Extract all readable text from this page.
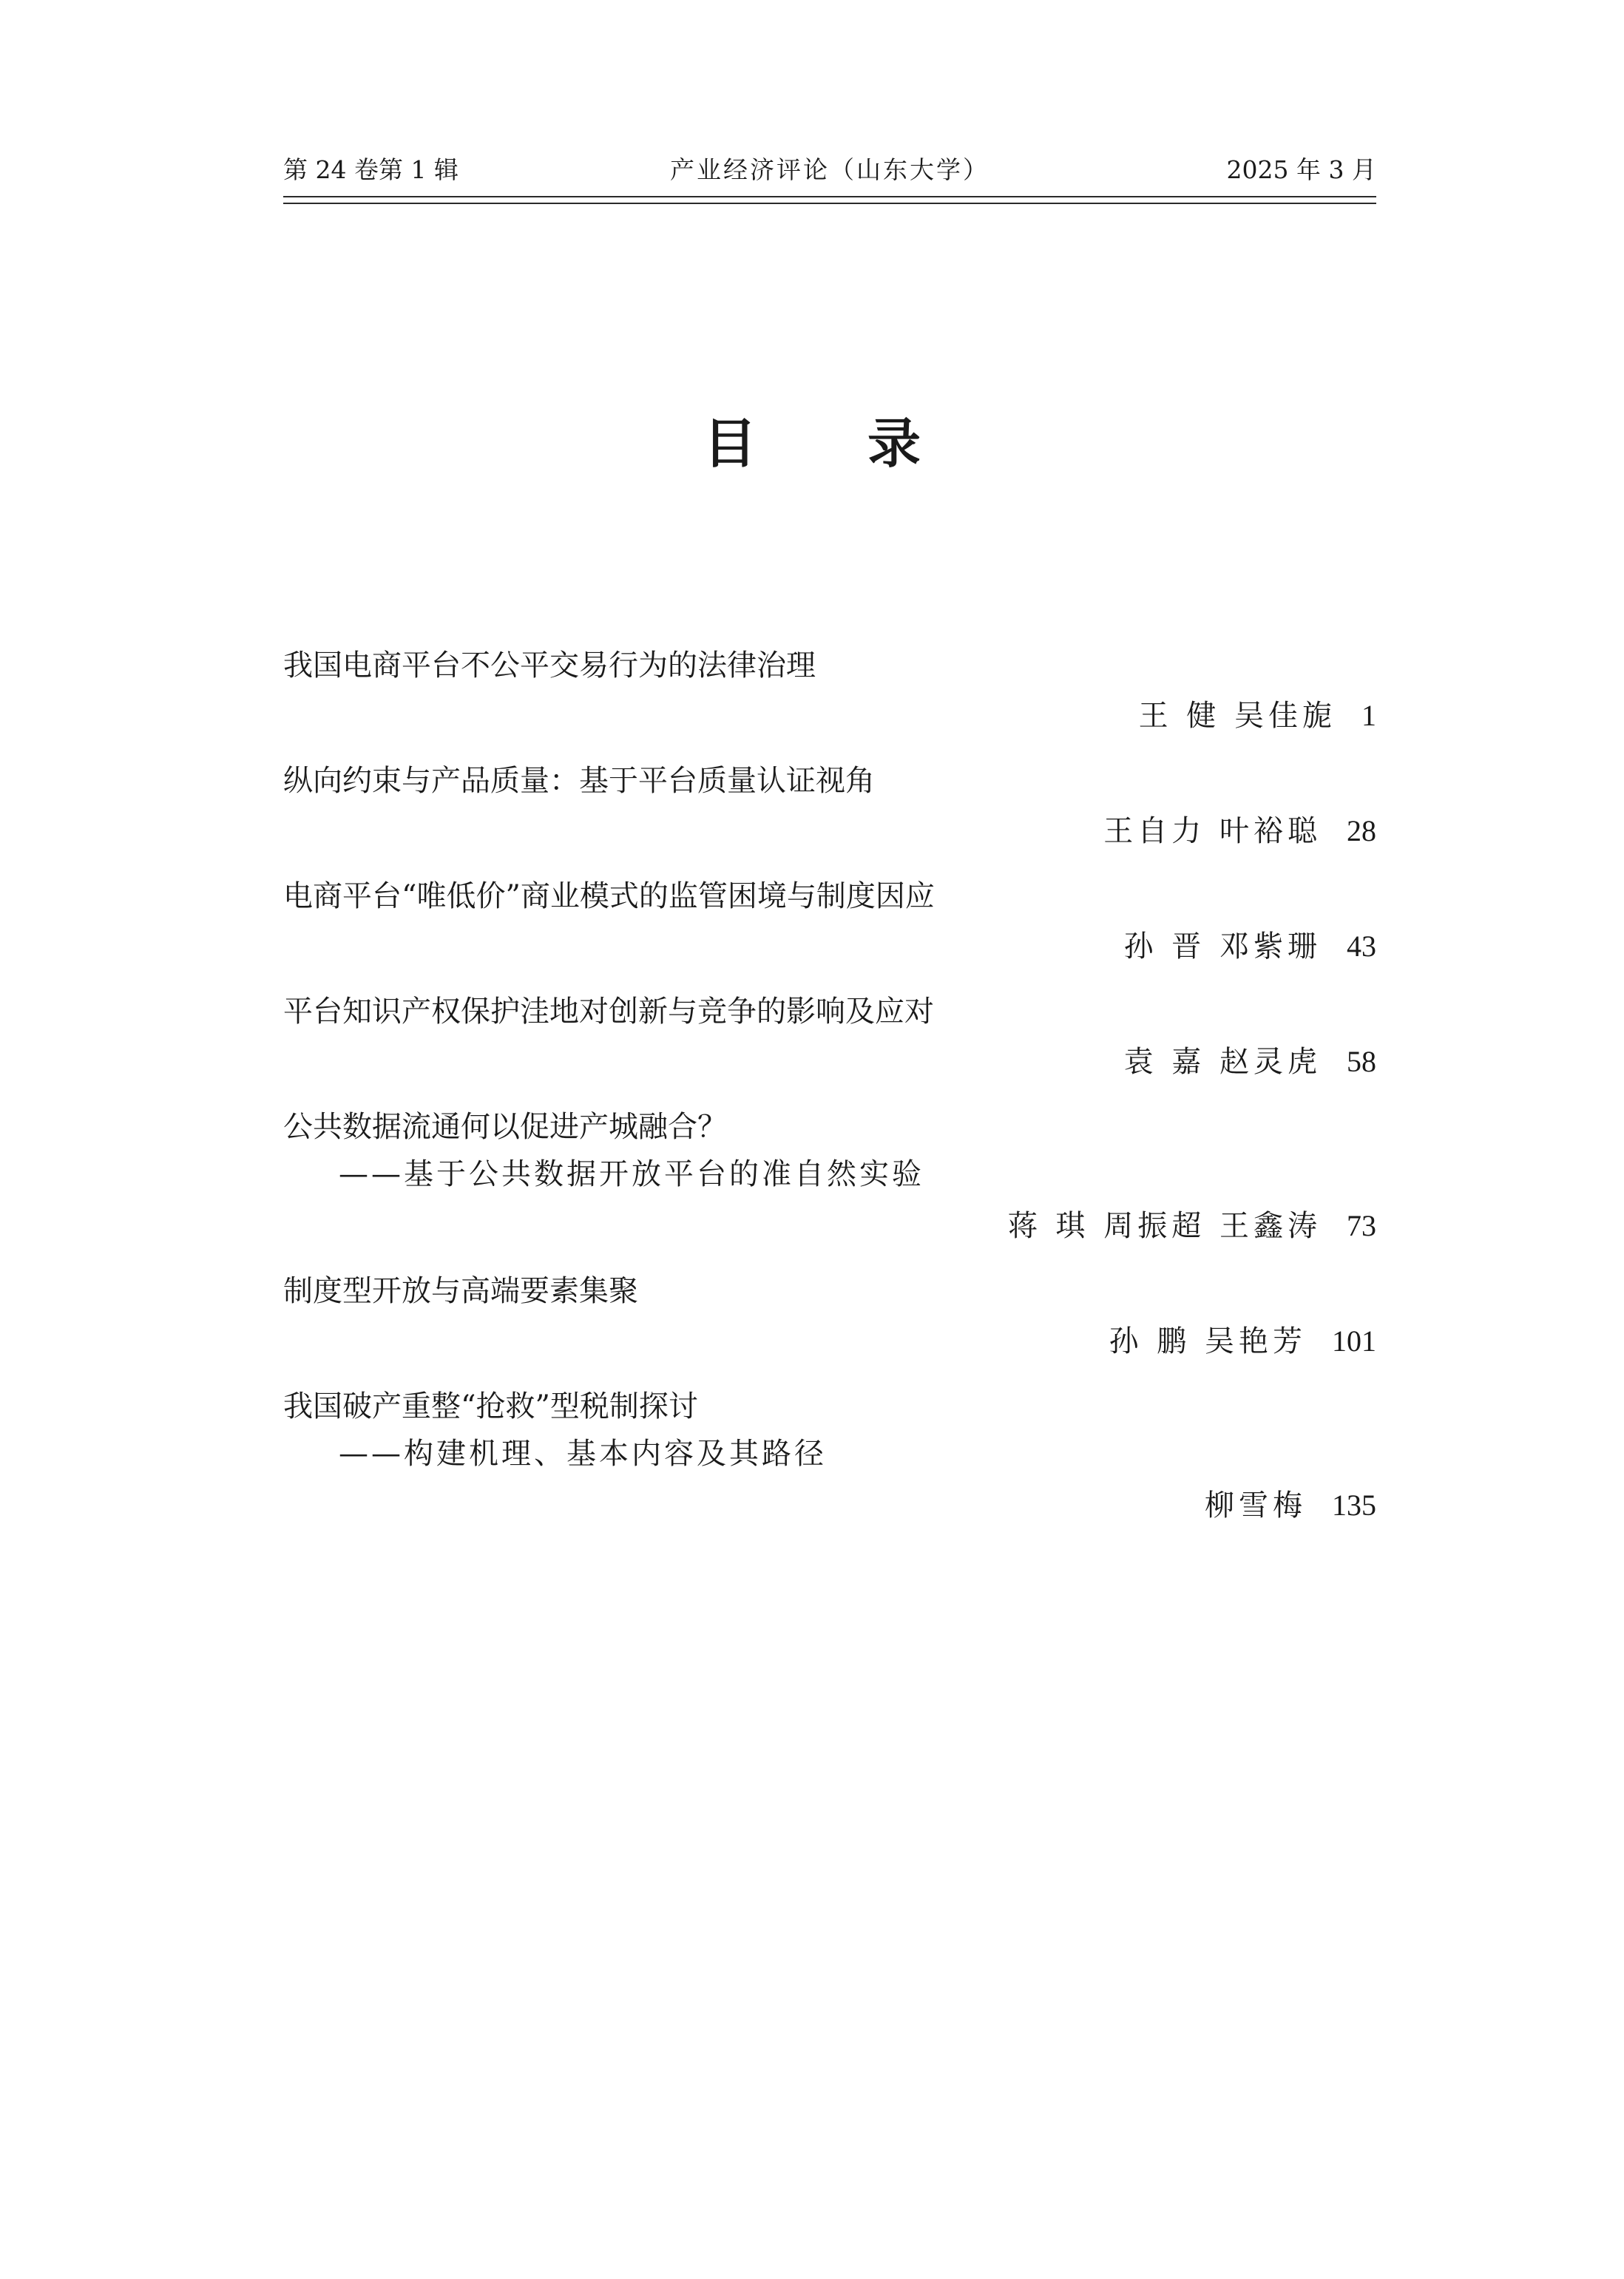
第 24 卷第 1 辑	产业经济评论（山东大学）	2025 年 3 月
目 录
我国电商平台不公平交易行为的法律治理
王 健 吴佳旎 1
纵向约束与产品质量：基于平台质量认证视角
王自力 叶裕聪 28
电商平台“唯低价”商业模式的监管困境与制度因应
孙 晋 邓紫珊 43
平台知识产权保护洼地对创新与竞争的影响及应对
袁 嘉 赵灵虎 58
公共数据流通何以促进产城融合？
——基于公共数据开放平台的准自然实验
蒋 琪 周振超 王鑫涛 73
制度型开放与高端要素集聚
孙 鹏 吴艳芳 101
我国破产重整“抢救”型税制探讨
——构建机理、基本内容及其路径
柳雪梅 135
